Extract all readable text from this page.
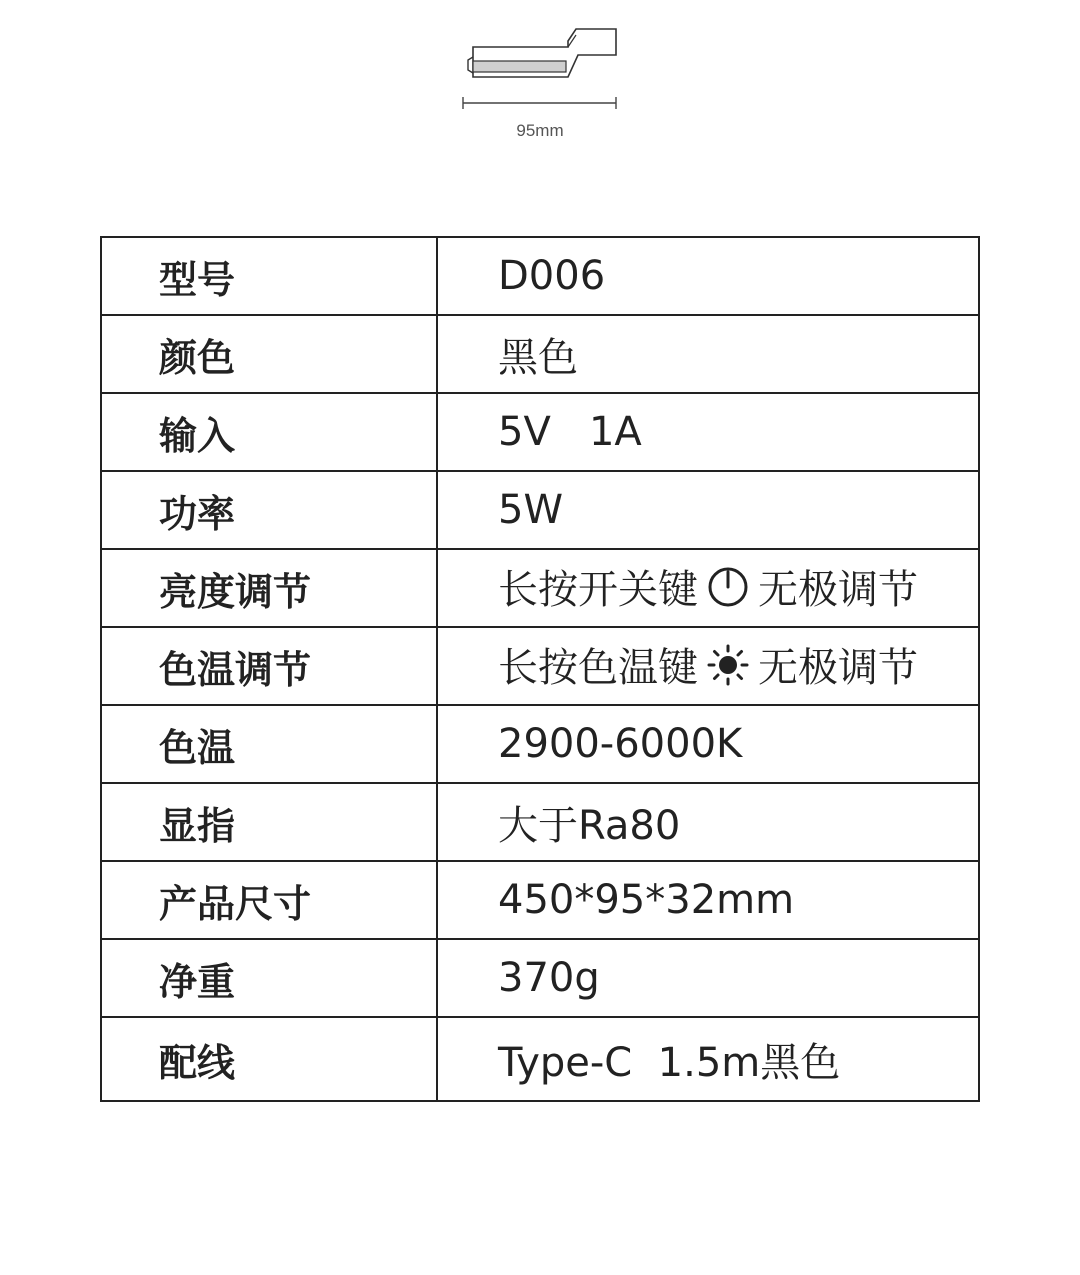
95mm
型号	D006
颜色	黑色
输入	5V   1A
功率	5W
亮度调节	长按开关键 无极调节
色温调节	长按色温键 无极调节
色温	2900-6000K
显指	大于Ra80
产品尺寸	450*95*32mm
净重	370g
配线	Type-C  1.5m黑色
